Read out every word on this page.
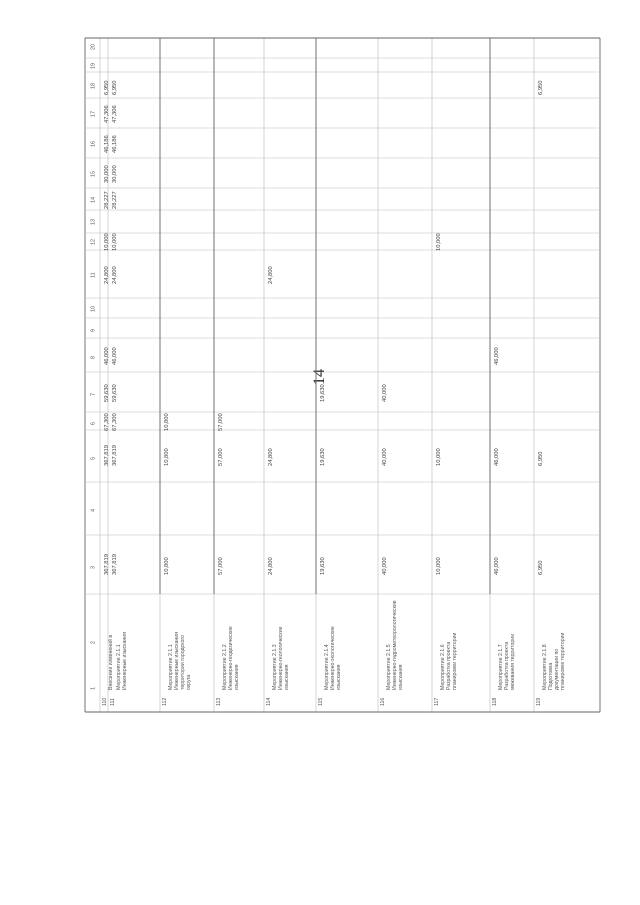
14
1
2
3
4
5
6
7
8
9
10
11
12
13
14
15
16
17
18
19
20
110
Внесение изменений в
367,819
367,819
67,300
59,630
46,000
24,800
10,000
28,227
30,000
46,186
47,306
6,950
111
Мероприятие 2.1.1 Инженерные изыскания
367,819
367,819
67,300
59,630
46,000
24,800
10,000
28,227
30,000
46,186
47,306
6,950
112
Мероприятие 2.1.1 Инженерные изыскания территории городского округа
10,800
10,800
10,800
113
Мероприятие 2.1.2 Инженерно-геодезические изыскания
57,000
57,000
57,000
114
Мероприятие 2.1.3 Инженерно-геологические изыскания
24,800
24,800
24,800
115
Мероприятие 2.1.4 Инженерно-экологические изыскания
19,630
19,630
19,630
116
Мероприятие 2.1.5 Инженерно-гидрометеорологические изыскания
40,000
40,000
40,000
117
Мероприятие 2.1.6 Разработка проекта планировки территории
10,000
10,000
10,000
118
Мероприятие 2.1.7 Разработка проекта межевания территории
46,000
46,000
46,000
119
Мероприятие 2.1.8 Подготовка документации по планировке территории
6,950
6,950
6,950
